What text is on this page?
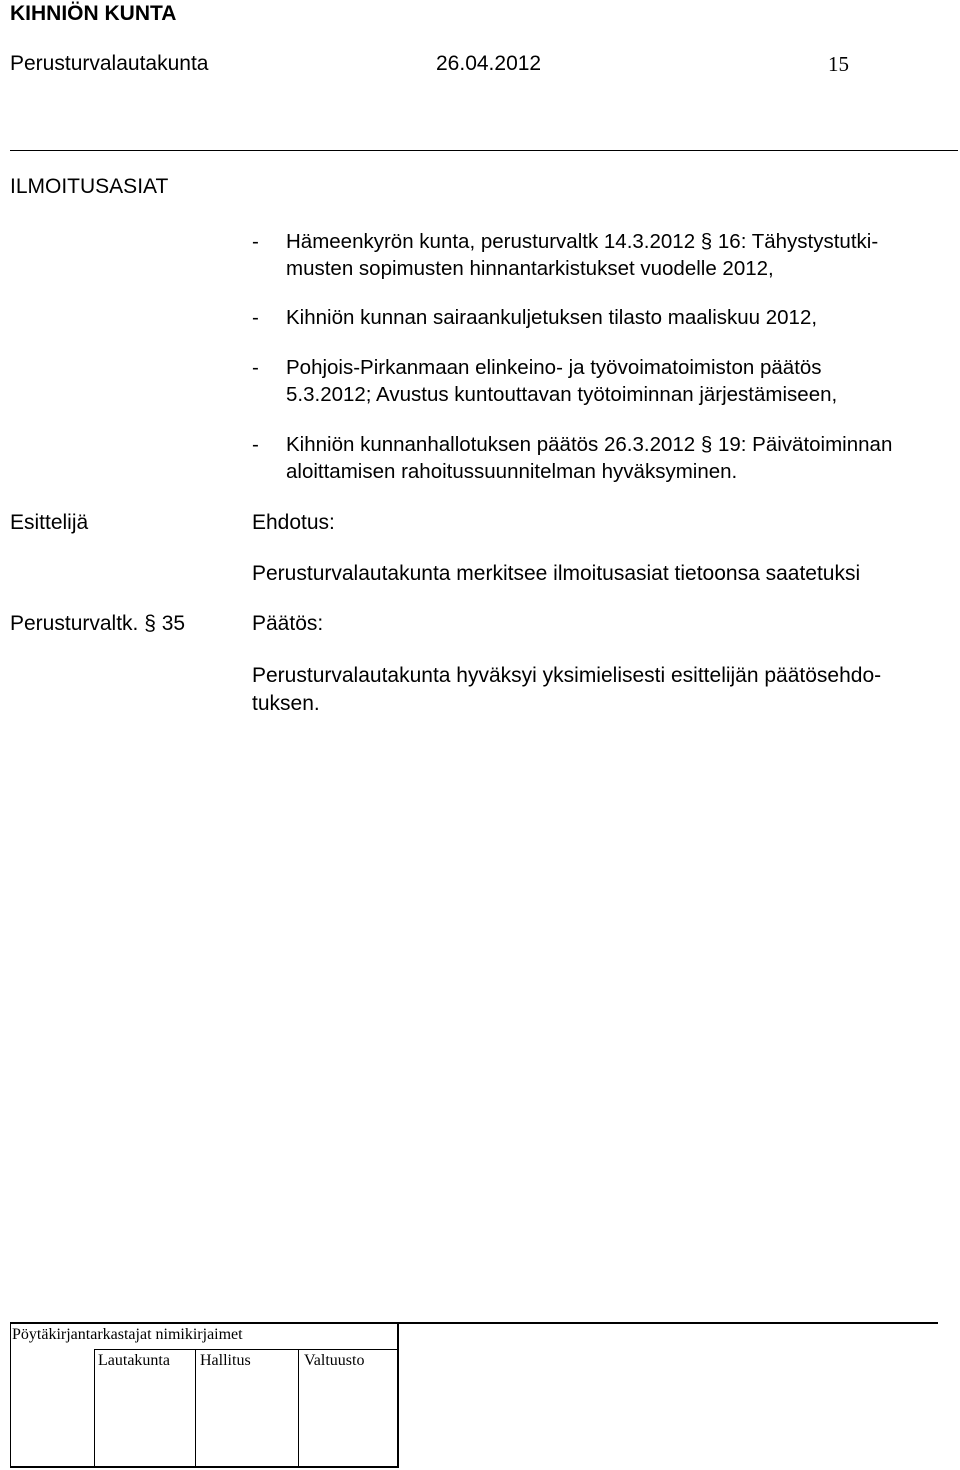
KIHNIÖN KUNTA
Perusturvalautakunta	26.04.2012	15
ILMOITUSASIAT
- Hämeenkyrön kunta, perusturvaltk 14.3.2012 § 16: Tähystystutki-
musten sopimusten hinnantarkistukset vuodelle 2012,
- Kihniön kunnan sairaankuljetuksen tilasto maaliskuu 2012,
- Pohjois-Pirkanmaan elinkeino- ja työvoimatoimiston päätös
5.3.2012; Avustus kuntouttavan työtoiminnan järjestämiseen,
- Kihniön kunnanhallotuksen päätös 26.3.2012 § 19: Päivätoiminnan
aloittamisen rahoitussuunnitelman hyväksyminen.
Esittelijä	Ehdotus:
Perusturvalautakunta merkitsee ilmoitusasiat tietoonsa saatetuksi
Perusturvaltk. § 35	Päätös:
Perusturvalautakunta hyväksyi yksimielisesti esittelijän päätösehdo-
tuksen.
Pöytäkirjantarkastajat nimikirjaimet
Lautakunta Hallitus	Valtuusto
